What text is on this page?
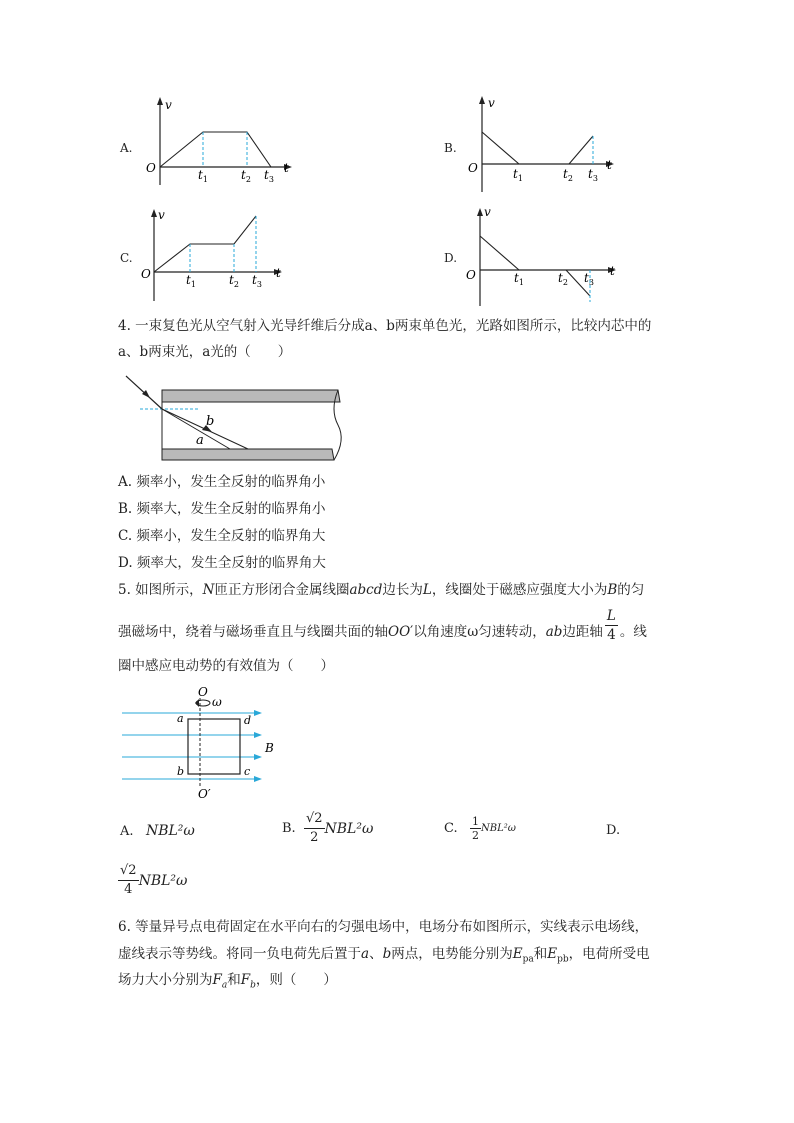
A.
v
t
O	$t_1$	$t_2$ $t_3$
B.
v
t
O	$t_1$	$t_2$ $t_3$
C.
v
t
O	$t_1$	$t_2$ $t_3$
D.
v
t
O	$t_1$	$t_2$ $t_3$
4. 一束复色光从空气射入光导纤维后分成a、b两束单色光，光路如图所示，比较内芯中的
a、b两束光，a光的（　　）
b
a
A. 频率小，发生全反射的临界角小
B. 频率大，发生全反射的临界角小
C. 频率小，发生全反射的临界角大
D. 频率大，发生全反射的临界角大
5. 如图所示，N匝正方形闭合金属线圈abcd边长为L，线圈处于磁感应强度大小为B的匀
强磁场中，绕着与磁场垂直且与线圈共面的轴OO′以角速度ω匀速转动，ab边距轴 $\frac{L}{4}$ 。线
圈中感应电动势的有效值为（　　）
O
ω
a	d
b	c
B
O′
A. NBL²ω	B.
$\frac{√2}{2} NBL^2\omega$	C.
$\frac{1}{2} NBL^2\omega$	D.
$\frac{√2}{4} NBL^2\omega$
6. 等量异号点电荷固定在水平向右的匀强电场中，电场分布如图所示，实线表示电场线，
虚线表示等势线。将同一负电荷先后置于a、b两点，电势能分别为$E_{pa}$和$E_{pb}$，电荷所受电
场力大小分别为$F_a$和$F_b$，则（　　）
